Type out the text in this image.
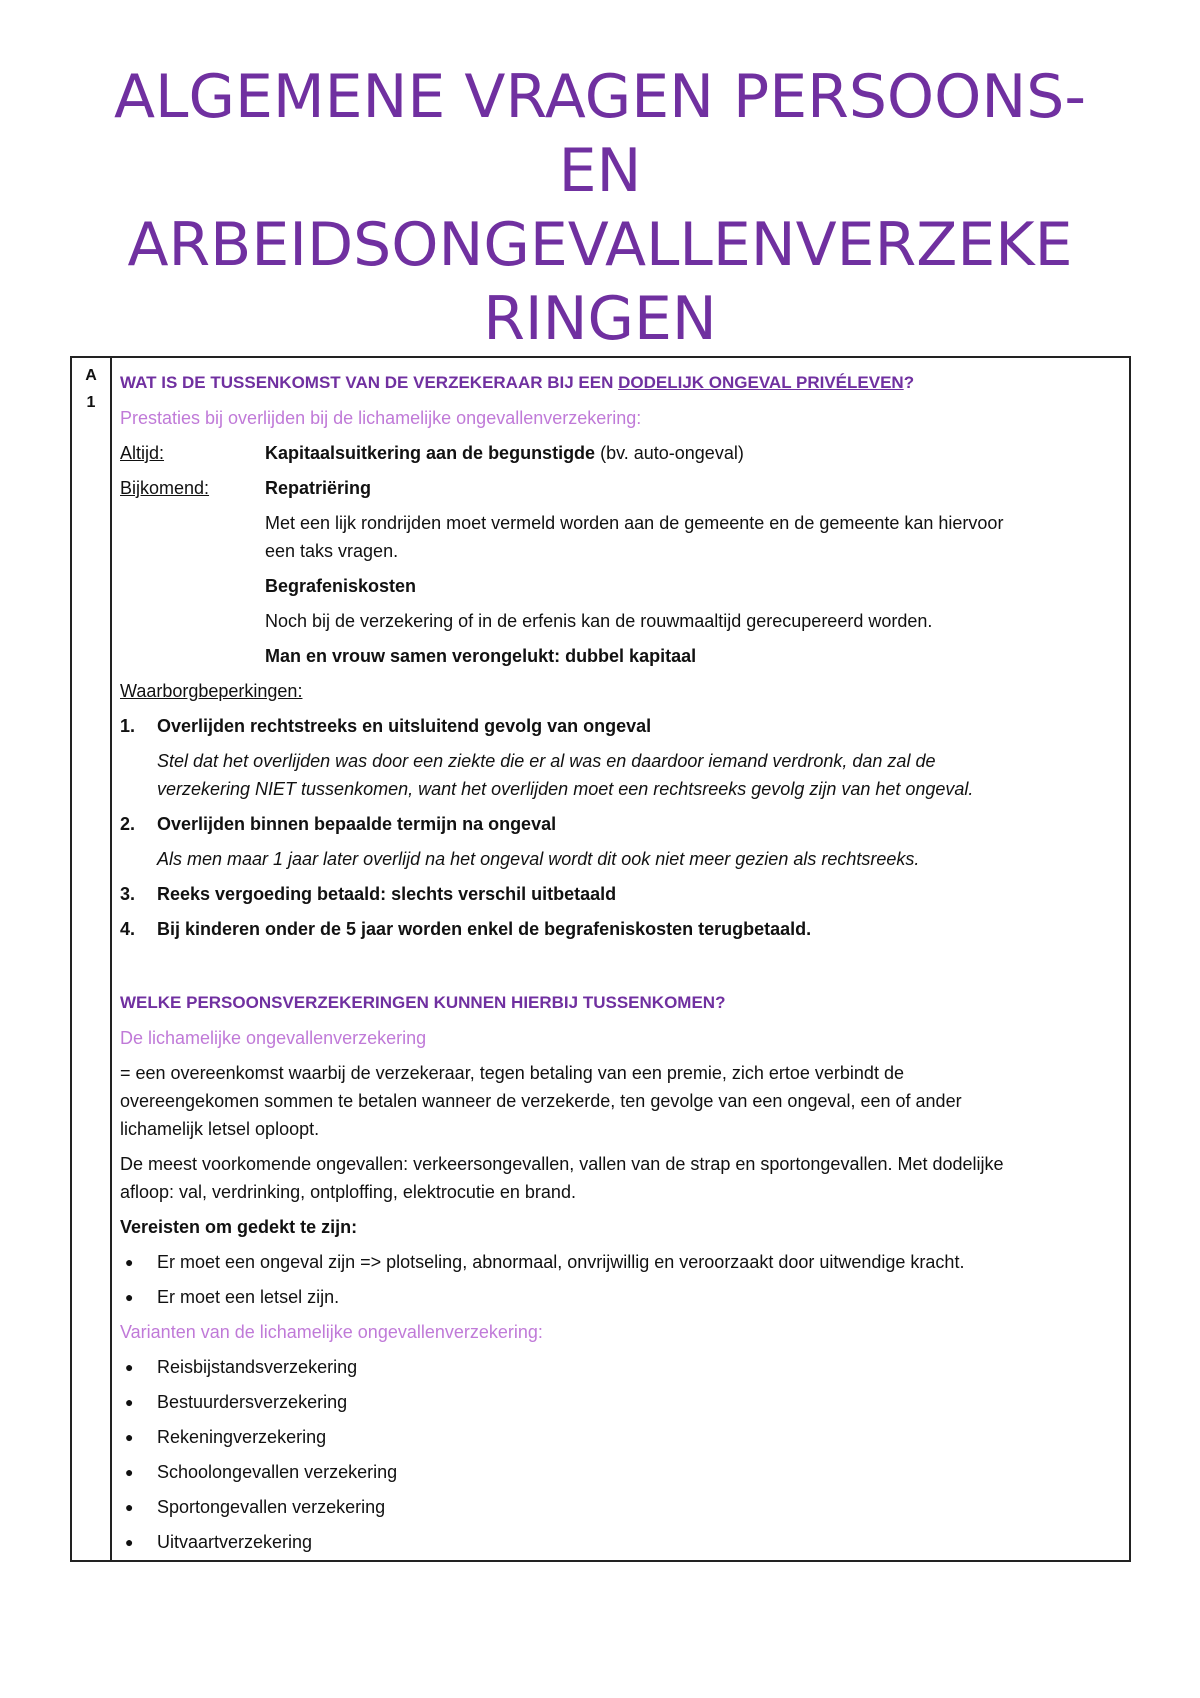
ALGEMENE VRAGEN PERSOONS-
EN
ARBEIDSONGEVALLENVERZEKE
RINGEN
A
1
WAT IS DE TUSSENKOMST VAN DE VERZEKERAAR BIJ EEN DODELIJK ONGEVAL PRIVÉLEVEN?
Prestaties bij overlijden bij de lichamelijke ongevallenverzekering:
Altijd:	Kapitaalsuitkering aan de begunstigde (bv. auto-ongeval)
Bijkomend:	Repatriëring
Met een lijk rondrijden moet vermeld worden aan de gemeente en de gemeente kan hiervoor
een taks vragen.
Begrafeniskosten
Noch bij de verzekering of in de erfenis kan de rouwmaaltijd gerecupereerd worden.
Man en vrouw samen verongelukt: dubbel kapitaal
Waarborgbeperkingen:
1. Overlijden rechtstreeks en uitsluitend gevolg van ongeval
Stel dat het overlijden was door een ziekte die er al was en daardoor iemand verdronk, dan zal de
verzekering NIET tussenkomen, want het overlijden moet een rechtsreeks gevolg zijn van het ongeval.
2. Overlijden binnen bepaalde termijn na ongeval
Als men maar 1 jaar later overlijd na het ongeval wordt dit ook niet meer gezien als rechtsreeks.
3. Reeks vergoeding betaald: slechts verschil uitbetaald
4. Bij kinderen onder de 5 jaar worden enkel de begrafeniskosten terugbetaald.
WELKE PERSOONSVERZEKERINGEN KUNNEN HIERBIJ TUSSENKOMEN?
De lichamelijke ongevallenverzekering
= een overeenkomst waarbij de verzekeraar, tegen betaling van een premie, zich ertoe verbindt de
overeengekomen sommen te betalen wanneer de verzekerde, ten gevolge van een ongeval, een of ander
lichamelijk letsel oploopt.
De meest voorkomende ongevallen: verkeersongevallen, vallen van de strap en sportongevallen. Met dodelijke
afloop: val, verdrinking, ontploffing, elektrocutie en brand.
Vereisten om gedekt te zijn:
● Er moet een ongeval zijn => plotseling, abnormaal, onvrijwillig en veroorzaakt door uitwendige kracht.
● Er moet een letsel zijn.
Varianten van de lichamelijke ongevallenverzekering:
● Reisbijstandsverzekering
● Bestuurdersverzekering
● Rekeningverzekering
● Schoolongevallen verzekering
● Sportongevallen verzekering
● Uitvaartverzekering
